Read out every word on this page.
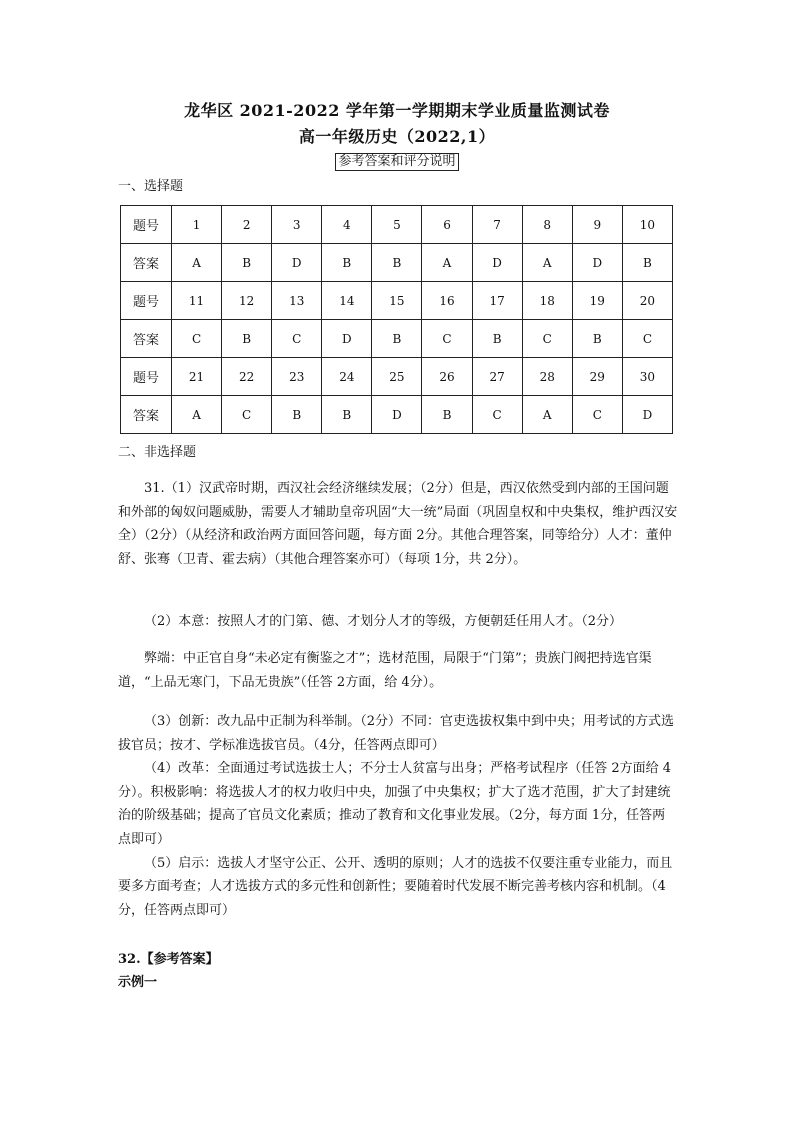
龙华区 2021-2022 学年第一学期期末学业质量监测试卷
高一年级历史（2022,1）
参考答案和评分说明
一、选择题
题号	1	2	3	4	5	6	7	8	9	10
答案	A	B	D	B	B	A	D	A	D	B
题号	11	12	13	14	15	16	17	18	19	20
答案	C	B	C	D	B	C	B	C	B	C
题号	21	22	23	24	25	26	27	28	29	30
答案	A	C	B	B	D	B	C	A	C	D
二、非选择题

31.（1）汉武帝时期，西汉社会经济继续发展；（2分）但是，西汉依然受到内部的王国问题和外部的匈奴问题威胁，需要人才辅助皇帝巩固“大一统”局面（巩固皇权和中央集权，维护西汉安全）（2分）（从经济和政治两方面回答问题，每方面 2分。其他合理答案，同等给分）人才：董仲舒、张骞（卫青、霍去病）（其他合理答案亦可）（每项 1分，共 2分）。

（2）本意：按照人才的门第、德、才划分人才的等级，方便朝廷任用人才。（2分）

弊端：中正官自身“未必定有衡鉴之才”；选材范围，局限于“门第”；贵族门阀把持选官渠道，“上品无寒门，下品无贵族”（任答 2方面，给 4分）。

（3）创新：改九品中正制为科举制。（2分）不同：官吏选拔权集中到中央；用考试的方式选拔官员；按才、学标准选拔官员。（4分，任答两点即可）

（4）改革：全面通过考试选拔士人；不分士人贫富与出身；严格考试程序（任答 2方面给 4分）。积极影响：将选拔人才的权力收归中央，加强了中央集权；扩大了选才范围，扩大了封建统治的阶级基础；提高了官员文化素质；推动了教育和文化事业发展。（2分，每方面 1分，任答两点即可）

（5）启示：选拔人才坚守公正、公开、透明的原则；人才的选拔不仅要注重专业能力，而且要多方面考查；人才选拔方式的多元性和创新性；要随着时代发展不断完善考核内容和机制。（4分，任答两点即可）

32.【参考答案】
示例一
